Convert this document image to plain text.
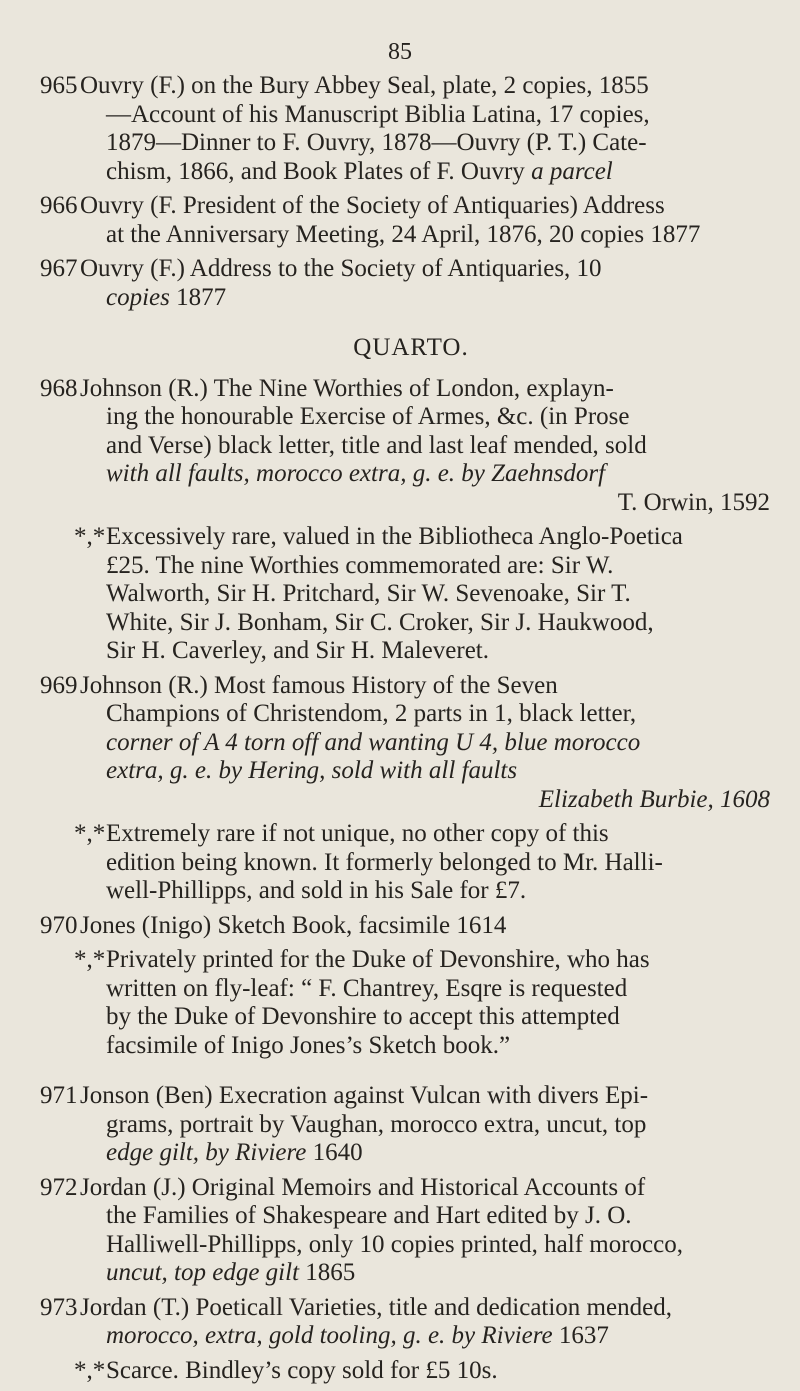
85
965 Ouvry (F.) on the Bury Abbey Seal, plate, 2 copies, 1855
—Account of his Manuscript Biblia Latina, 17 copies,
1879—Dinner to F. Ouvry, 1878—Ouvry (P. T.) Cate-
chism, 1866, and Book Plates of F. Ouvry a parcel
966 Ouvry (F. President of the Society of Antiquaries) Address
at the Anniversary Meeting, 24 April, 1876, 20 copies 1877
967 Ouvry (F.) Address to the Society of Antiquaries, 10
copies 1877
QUARTO.
968 Johnson (R.) The Nine Worthies of London, explayn-
ing the honourable Exercise of Armes, &c. (in Prose
and Verse) black letter, title and last leaf mended, sold
with all faults, morocco extra, g. e. by Zaehnsdorf
T. Orwin, 1592
*,* Excessively rare, valued in the Bibliotheca Anglo-Poetica
£25. The nine Worthies commemorated are: Sir W.
Walworth, Sir H. Pritchard, Sir W. Sevenoake, Sir T.
White, Sir J. Bonham, Sir C. Croker, Sir J. Haukwood,
Sir H. Caverley, and Sir H. Maleveret.
969 Johnson (R.) Most famous History of the Seven
Champions of Christendom, 2 parts in 1, black letter,
corner of A 4 torn off and wanting U 4, blue morocco
extra, g. e. by Hering, sold with all faults
Elizabeth Burbie, 1608
*,* Extremely rare if not unique, no other copy of this
edition being known. It formerly belonged to Mr. Halli-
well-Phillipps, and sold in his Sale for £7.
970 Jones (Inigo) Sketch Book, facsimile 1614
*,* Privately printed for the Duke of Devonshire, who has
written on fly-leaf: “ F. Chantrey, Esqre is requested
by the Duke of Devonshire to accept this attempted
facsimile of Inigo Jones’s Sketch book.”
971 Jonson (Ben) Execration against Vulcan with divers Epi-
grams, portrait by Vaughan, morocco extra, uncut, top
edge gilt, by Riviere 1640
972 Jordan (J.) Original Memoirs and Historical Accounts of
the Families of Shakespeare and Hart edited by J. O.
Halliwell-Phillipps, only 10 copies printed, half morocco,
uncut, top edge gilt 1865
973 Jordan (T.) Poeticall Varieties, title and dedication mended,
morocco, extra, gold tooling, g. e. by Riviere 1637
*,* Scarce. Bindley’s copy sold for £5 10s.
